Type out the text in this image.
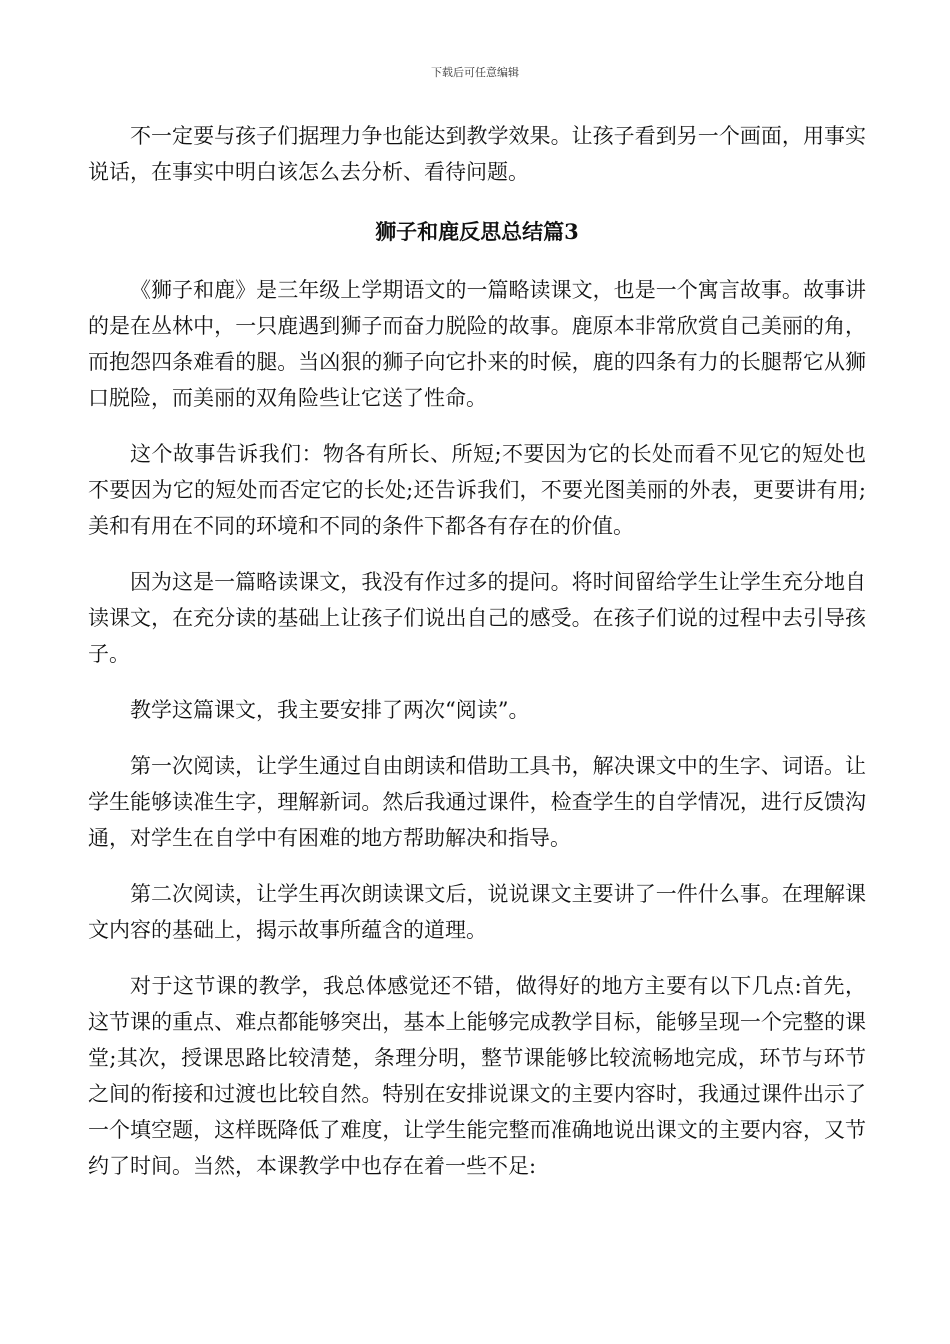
下载后可任意编辑

不一定要与孩子们据理力争也能达到教学效果。让孩子看到另一个画面，用事实说话，在事实中明白该怎么去分析、看待问题。

狮子和鹿反思总结篇3

《狮子和鹿》是三年级上学期语文的一篇略读课文，也是一个寓言故事。故事讲的是在丛林中，一只鹿遇到狮子而奋力脱险的故事。鹿原本非常欣赏自己美丽的角，而抱怨四条难看的腿。当凶狠的狮子向它扑来的时候，鹿的四条有力的长腿帮它从狮口脱险，而美丽的双角险些让它送了性命。

这个故事告诉我们：物各有所长、所短;不要因为它的长处而看不见它的短处也不要因为它的短处而否定它的长处;还告诉我们，不要光图美丽的外表，更要讲有用;美和有用在不同的环境和不同的条件下都各有存在的价值。

因为这是一篇略读课文，我没有作过多的提问。将时间留给学生让学生充分地自读课文，在充分读的基础上让孩子们说出自己的感受。在孩子们说的过程中去引导孩子。

教学这篇课文，我主要安排了两次“阅读”。

第一次阅读，让学生通过自由朗读和借助工具书，解决课文中的生字、词语。让学生能够读准生字，理解新词。然后我通过课件，检查学生的自学情况，进行反馈沟通，对学生在自学中有困难的地方帮助解决和指导。

第二次阅读，让学生再次朗读课文后，说说课文主要讲了一件什么事。在理解课文内容的基础上，揭示故事所蕴含的道理。

对于这节课的教学，我总体感觉还不错，做得好的地方主要有以下几点:首先，这节课的重点、难点都能够突出，基本上能够完成教学目标，能够呈现一个完整的课堂;其次，授课思路比较清楚，条理分明，整节课能够比较流畅地完成，环节与环节之间的衔接和过渡也比较自然。特别在安排说课文的主要内容时，我通过课件出示了一个填空题，这样既降低了难度，让学生能完整而准确地说出课文的主要内容，又节约了时间。当然，本课教学中也存在着一些不足:
